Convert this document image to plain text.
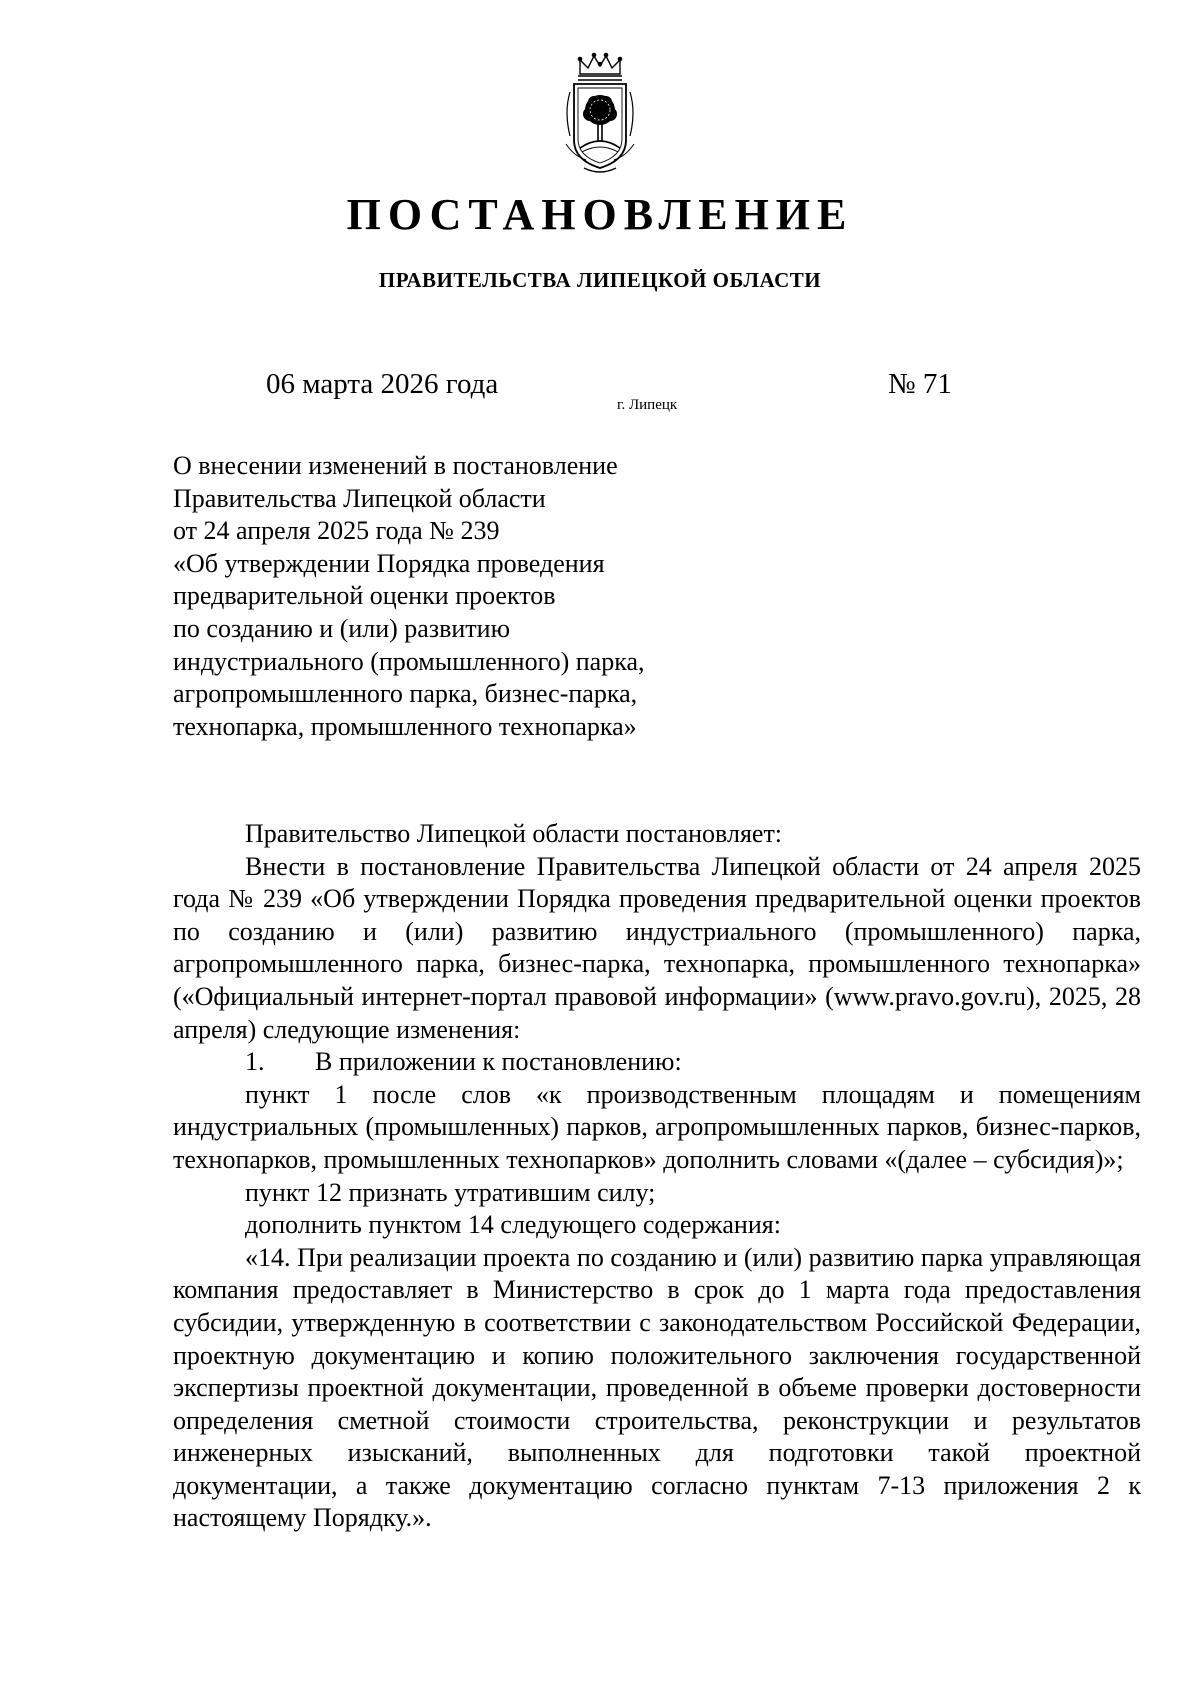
ПОСТАНОВЛЕНИЕ
ПРАВИТЕЛЬСТВА ЛИПЕЦКОЙ ОБЛАСТИ
06 марта 2026 года
г. Липецк
№ 71
О внесении изменений в постановление
Правительства Липецкой области
от 24 апреля 2025 года № 239
«Об утверждении Порядка проведения
предварительной оценки проектов
по созданию и (или) развитию
индустриального (промышленного) парка,
агропромышленного парка, бизнес-парка,
технопарка, промышленного технопарка»

Правительство Липецкой области постановляет:

Внести в постановление Правительства Липецкой области от 24 апреля 2025 года № 239 «Об утверждении Порядка проведения предварительной оценки проектов по созданию и (или) развитию индустриального (промышленного) парка, агропромышленного парка, бизнес-парка, технопарка, промышленного технопарка» («Официальный интернет-портал правовой информации» (www.pravo.gov.ru), 2025, 28 апреля) следующие изменения:

1. В приложении к постановлению:

пункт 1 после слов «к производственным площадям и помещениям индустриальных (промышленных) парков, агропромышленных парков, бизнес-парков, технопарков, промышленных технопарков» дополнить словами «(далее – субсидия)»;

пункт 12 признать утратившим силу;

дополнить пунктом 14 следующего содержания:

«14. При реализации проекта по созданию и (или) развитию парка управляющая компания предоставляет в Министерство в срок до 1 марта года предоставления субсидии, утвержденную в соответствии с законодательством Российской Федерации, проектную документацию и копию положительного заключения государственной экспертизы проектной документации, проведенной в объеме проверки достоверности определения сметной стоимости строительства, реконструкции и результатов инженерных изысканий, выполненных для подготовки такой проектной документации, а также документацию согласно пунктам 7-13 приложения 2 к настоящему Порядку.».
